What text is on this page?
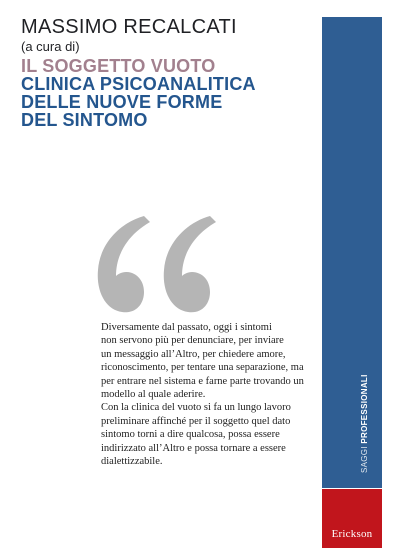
MASSIMO RECALCATI
(a cura di)
IL SOGGETTO VUOTO
CLINICA PSICOANALITICA
DELLE NUOVE FORME
DEL SINTOMO

Diversamente dal passato, oggi i sintomi

non servono più per denunciare, per inviare

un messaggio all’Altro, per chiedere amore,

riconoscimento, per tentare una separazione, ma

per entrare nel sistema e farne parte trovando un

modello al quale aderire.

Con la clinica del vuoto si fa un lungo lavoro

preliminare affinché per il soggetto quel dato

sintomo torni a dire qualcosa, possa essere

indirizzato all’Altro e possa tornare a essere

dialettizzabile.	SAGGI PROFESSIONALI
Erickson
